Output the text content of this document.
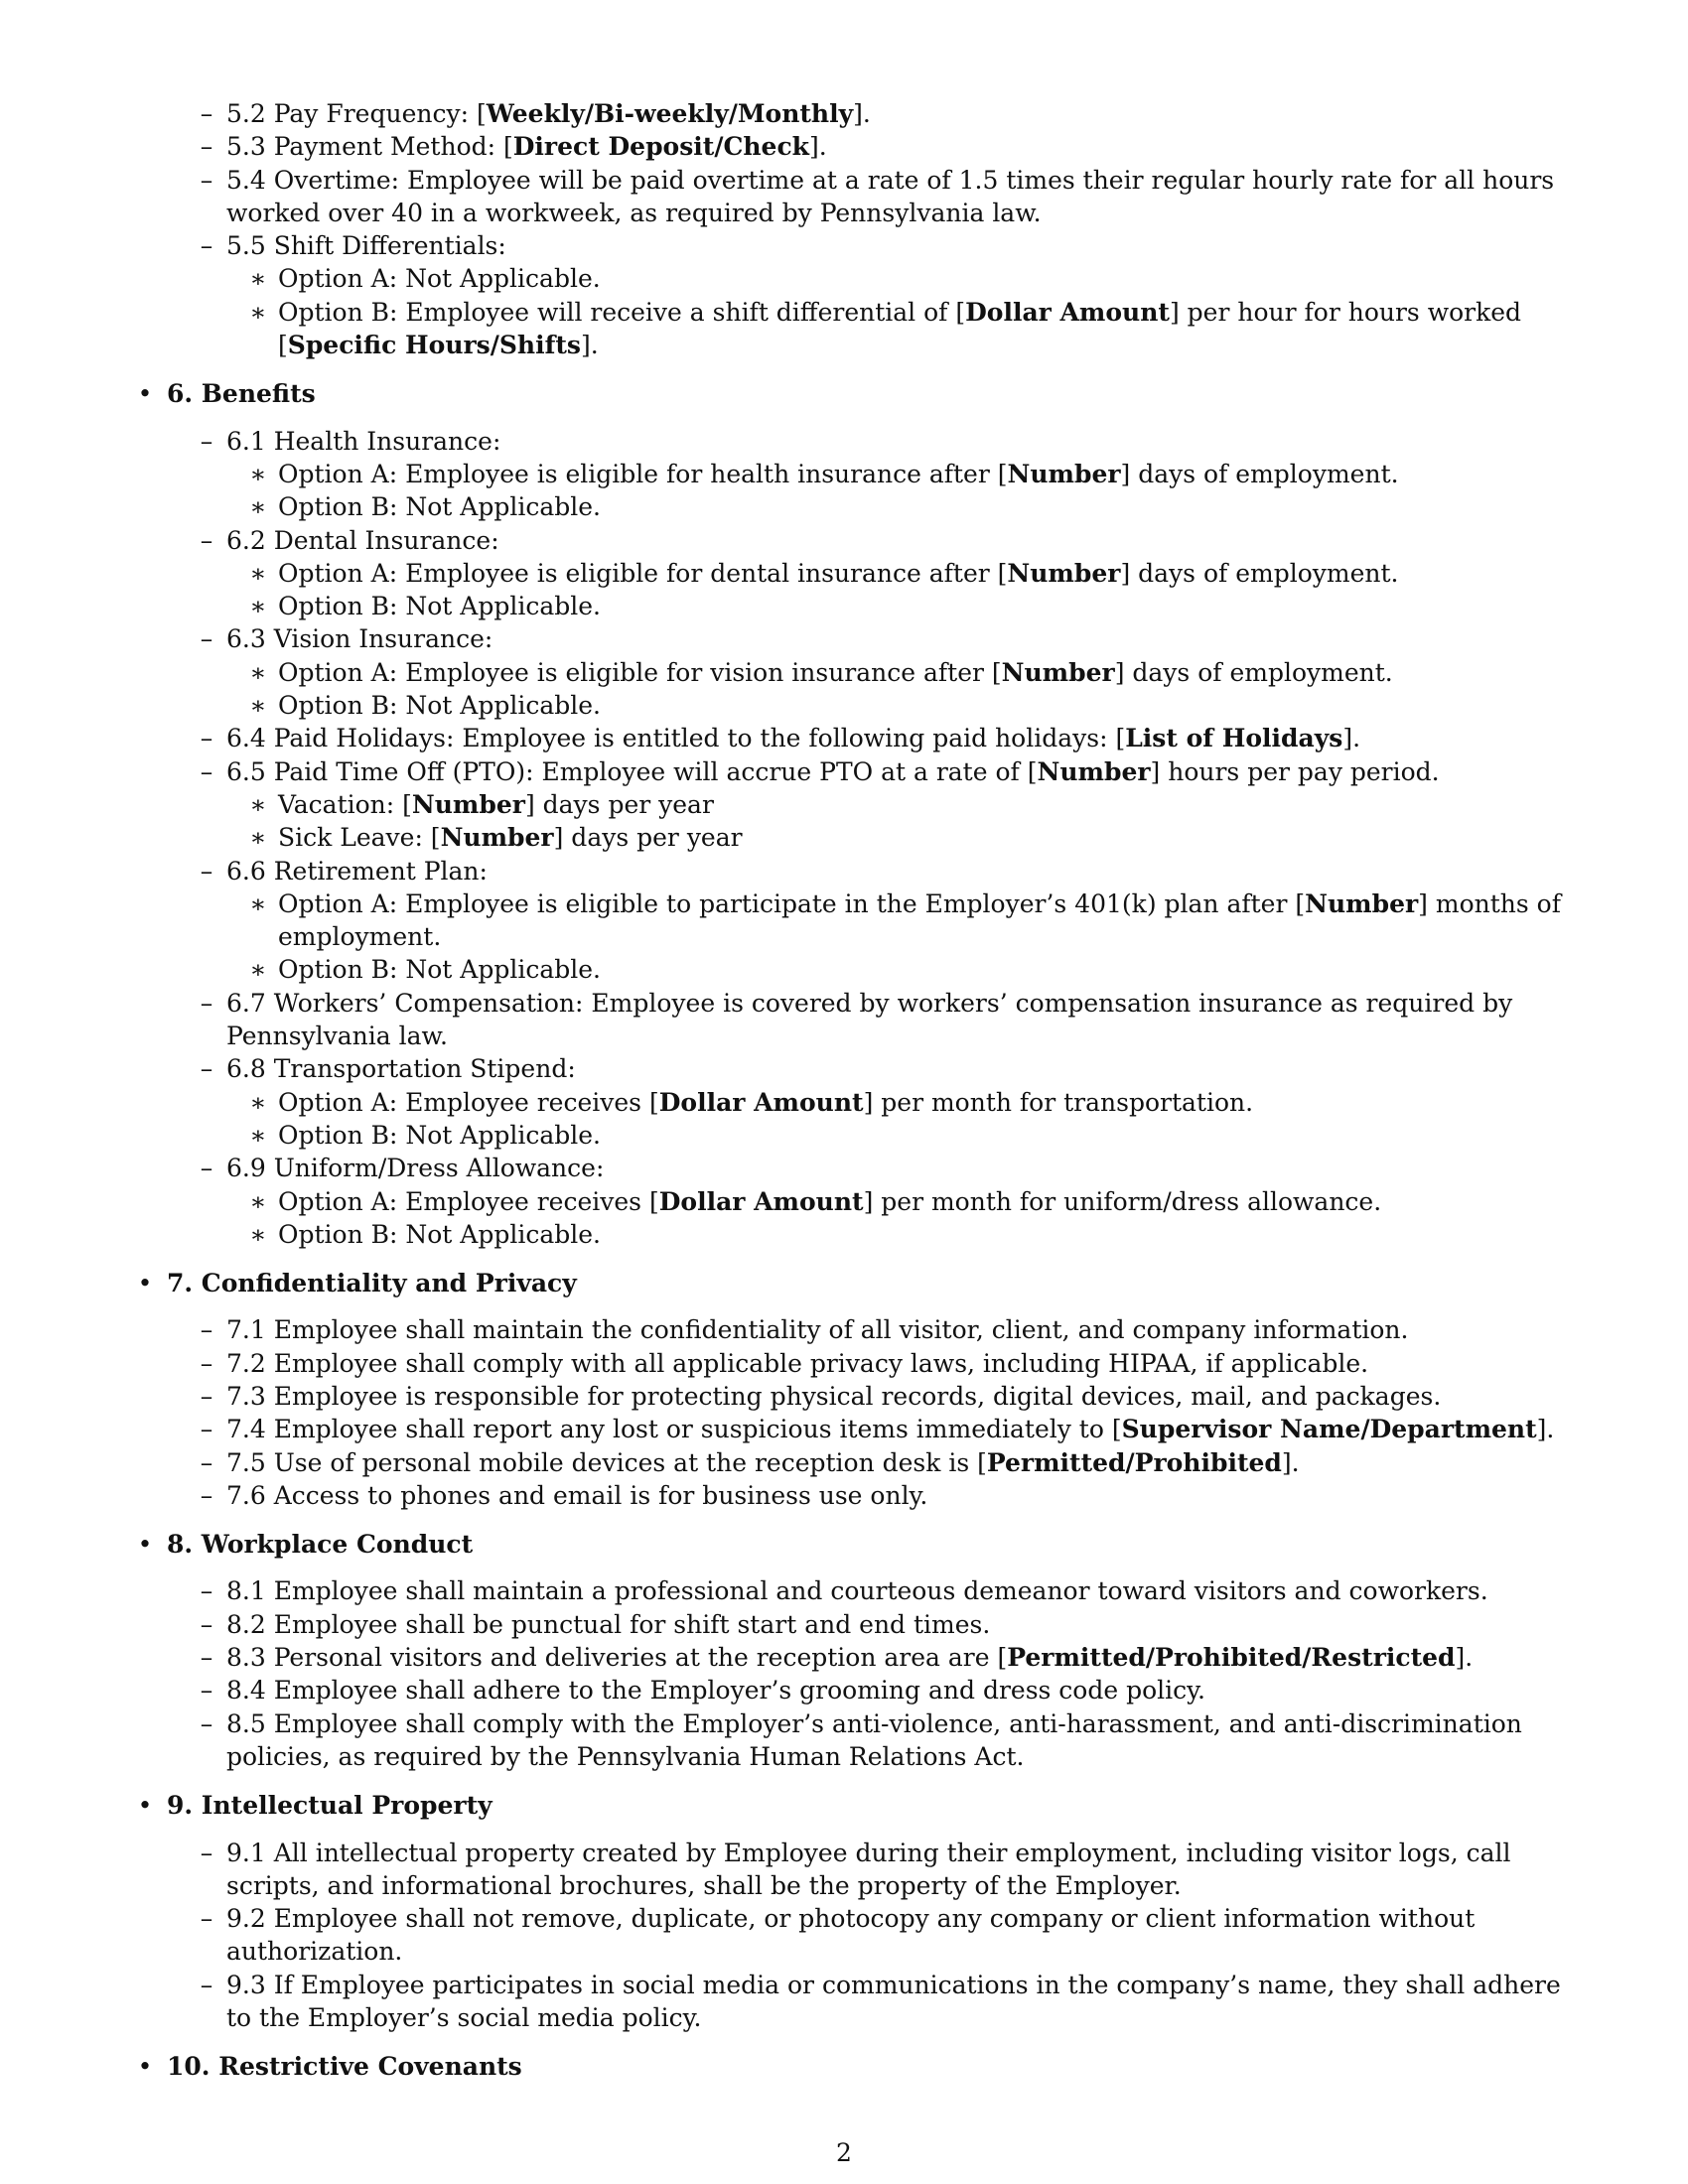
– 5.2 Pay Frequency: [Weekly/Bi-weekly/Monthly].
– 5.3 Payment Method: [Direct Deposit/Check].
– 5.4 Overtime: Employee will be paid overtime at a rate of 1.5 times their regular hourly rate for all hours worked over 40 in a workweek, as required by Pennsylvania law.
– 5.5 Shift Differentials:
∗ Option A: Not Applicable.
∗ Option B: Employee will receive a shift differential of [Dollar Amount] per hour for hours worked [Specific Hours/Shifts].
• 6. Benefits
– 6.1 Health Insurance:
∗ Option A: Employee is eligible for health insurance after [Number] days of employment.
∗ Option B: Not Applicable.
– 6.2 Dental Insurance:
∗ Option A: Employee is eligible for dental insurance after [Number] days of employment.
∗ Option B: Not Applicable.
– 6.3 Vision Insurance:
∗ Option A: Employee is eligible for vision insurance after [Number] days of employment.
∗ Option B: Not Applicable.
– 6.4 Paid Holidays: Employee is entitled to the following paid holidays: [List of Holidays].
– 6.5 Paid Time Off (PTO): Employee will accrue PTO at a rate of [Number] hours per pay period.
∗ Vacation: [Number] days per year
∗ Sick Leave: [Number] days per year
– 6.6 Retirement Plan:
∗ Option A: Employee is eligible to participate in the Employer’s 401(k) plan after [Number] months of employment.
∗ Option B: Not Applicable.
– 6.7 Workers’ Compensation: Employee is covered by workers’ compensation insurance as required by Pennsylvania law.
– 6.8 Transportation Stipend:
∗ Option A: Employee receives [Dollar Amount] per month for transportation.
∗ Option B: Not Applicable.
– 6.9 Uniform/Dress Allowance:
∗ Option A: Employee receives [Dollar Amount] per month for uniform/dress allowance.
∗ Option B: Not Applicable.
• 7. Confidentiality and Privacy
– 7.1 Employee shall maintain the confidentiality of all visitor, client, and company information.
– 7.2 Employee shall comply with all applicable privacy laws, including HIPAA, if applicable.
– 7.3 Employee is responsible for protecting physical records, digital devices, mail, and packages.
– 7.4 Employee shall report any lost or suspicious items immediately to [Supervisor Name/Department].
– 7.5 Use of personal mobile devices at the reception desk is [Permitted/Prohibited].
– 7.6 Access to phones and email is for business use only.
• 8. Workplace Conduct
– 8.1 Employee shall maintain a professional and courteous demeanor toward visitors and coworkers.
– 8.2 Employee shall be punctual for shift start and end times.
– 8.3 Personal visitors and deliveries at the reception area are [Permitted/Prohibited/Restricted].
– 8.4 Employee shall adhere to the Employer’s grooming and dress code policy.
– 8.5 Employee shall comply with the Employer’s anti-violence, anti-harassment, and anti-discrimination policies, as required by the Pennsylvania Human Relations Act.
• 9. Intellectual Property
– 9.1 All intellectual property created by Employee during their employment, including visitor logs, call scripts, and informational brochures, shall be the property of the Employer.
– 9.2 Employee shall not remove, duplicate, or photocopy any company or client information without authorization.
– 9.3 If Employee participates in social media or communications in the company’s name, they shall adhere to the Employer’s social media policy.
• 10. Restrictive Covenants
2
